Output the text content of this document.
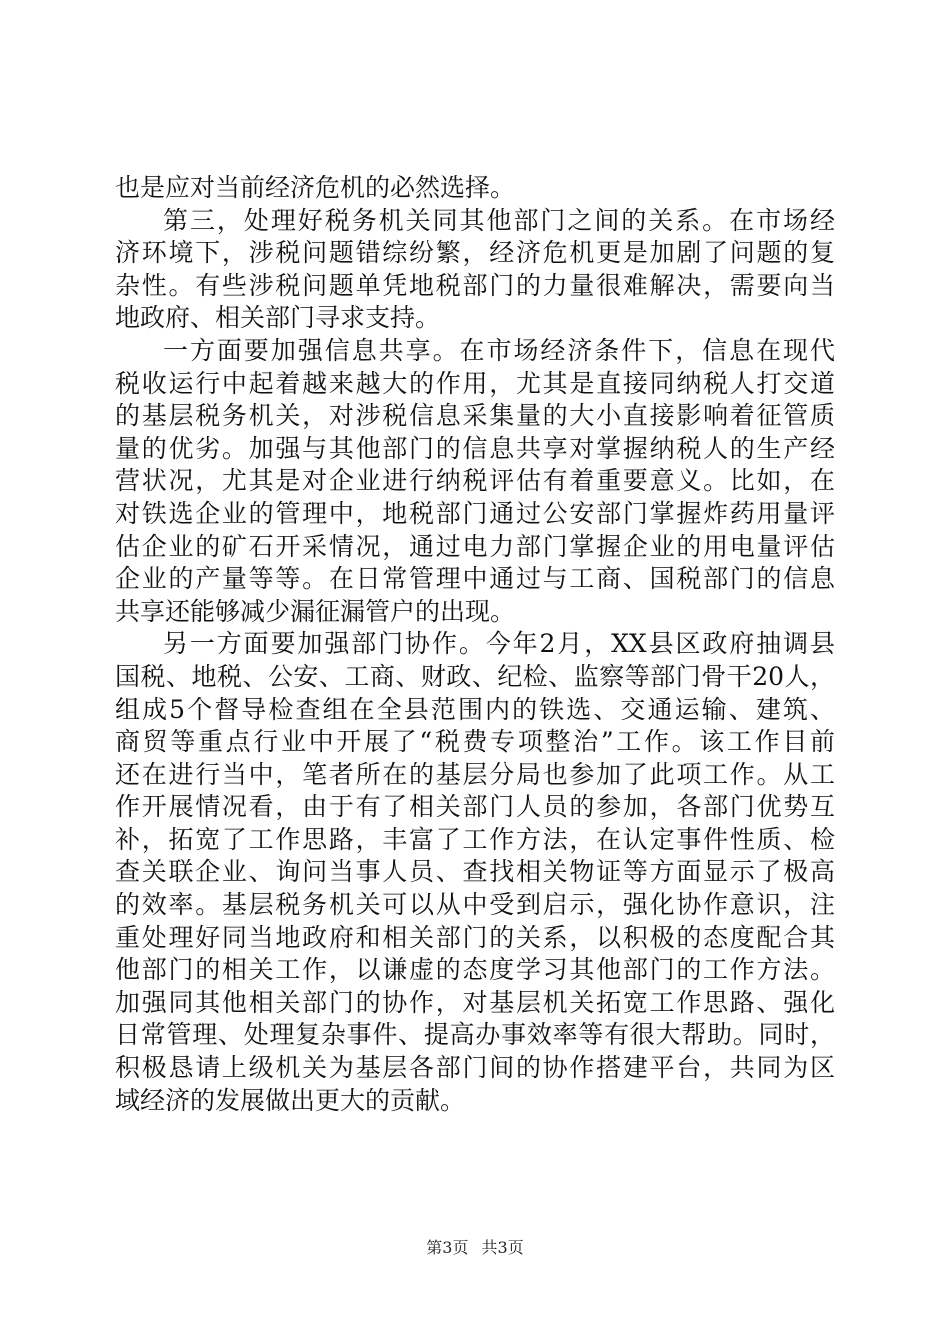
也是应对当前经济危机的必然选择。
第三，处理好税务机关同其他部门之间的关系。在市场经
济环境下，涉税问题错综纷繁，经济危机更是加剧了问题的复
杂性。有些涉税问题单凭地税部门的力量很难解决，需要向当
地政府、相关部门寻求支持。
一方面要加强信息共享。在市场经济条件下，信息在现代
税收运行中起着越来越大的作用，尤其是直接同纳税人打交道
的基层税务机关，对涉税信息采集量的大小直接影响着征管质
量的优劣。加强与其他部门的信息共享对掌握纳税人的生产经
营状况，尤其是对企业进行纳税评估有着重要意义。比如，在
对铁选企业的管理中，地税部门通过公安部门掌握炸药用量评
估企业的矿石开采情况，通过电力部门掌握企业的用电量评估
企业的产量等等。在日常管理中通过与工商、国税部门的信息
共享还能够减少漏征漏管户的出现。
另一方面要加强部门协作。今年2月，XX县区政府抽调县
国税、地税、公安、工商、财政、纪检、监察等部门骨干20人，
组成5个督导检查组在全县范围内的铁选、交通运输、建筑、
商贸等重点行业中开展了“税费专项整治”工作。该工作目前
还在进行当中，笔者所在的基层分局也参加了此项工作。从工
作开展情况看，由于有了相关部门人员的参加，各部门优势互
补，拓宽了工作思路，丰富了工作方法，在认定事件性质、检
查关联企业、询问当事人员、查找相关物证等方面显示了极高
的效率。基层税务机关可以从中受到启示，强化协作意识，注
重处理好同当地政府和相关部门的关系，以积极的态度配合其
他部门的相关工作，以谦虚的态度学习其他部门的工作方法。
加强同其他相关部门的协作，对基层机关拓宽工作思路、强化
日常管理、处理复杂事件、提高办事效率等有很大帮助。同时，
积极恳请上级机关为基层各部门间的协作搭建平台，共同为区
域经济的发展做出更大的贡献。
第3页 共3页
